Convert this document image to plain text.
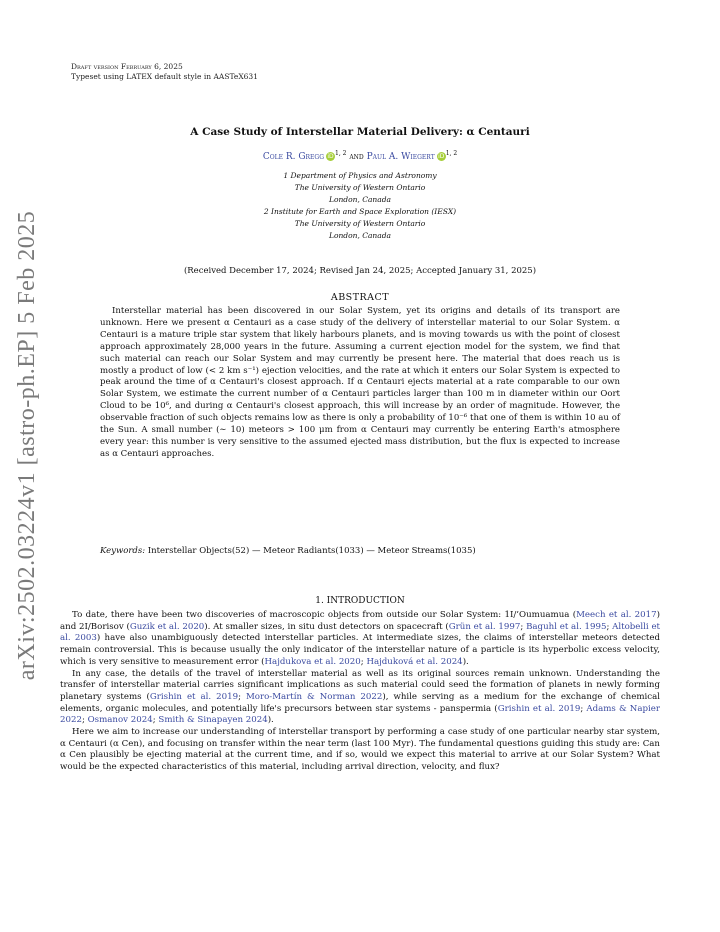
arXiv:2502.03224v1 [astro-ph.EP] 5 Feb 2025
Draft version February 6, 2025
Typeset using LATEX default style in AASTeX631
A Case Study of Interstellar Material Delivery: α Centauri
Cole R. Gregg iD$^{1, 2}$ and Paul A. Wiegert iD$^{1, 2}$
1 Department of Physics and Astronomy
The University of Western Ontario
London, Canada
2 Institute for Earth and Space Exploration (IESX)
The University of Western Ontario
London, Canada
(Received December 17, 2024; Revised Jan 24, 2025; Accepted January 31, 2025)
ABSTRACT
Interstellar material has been discovered in our Solar System, yet its origins and details of its transport are unknown. Here we present α Centauri as a case study of the delivery of interstellar material to our Solar System. α Centauri is a mature triple star system that likely harbours planets, and is moving towards us with the point of closest approach approximately 28,000 years in the future. Assuming a current ejection model for the system, we find that such material can reach our Solar System and may currently be present here. The material that does reach us is mostly a product of low (< 2 km s⁻¹) ejection velocities, and the rate at which it enters our Solar System is expected to peak around the time of α Centauri's closest approach. If α Centauri ejects material at a rate comparable to our own Solar System, we estimate the current number of α Centauri particles larger than 100 m in diameter within our Oort Cloud to be 10⁶, and during α Centauri's closest approach, this will increase by an order of magnitude. However, the observable fraction of such objects remains low as there is only a probability of 10⁻⁶ that one of them is within 10 au of the Sun. A small number (∼ 10) meteors > 100 μm from α Centauri may currently be entering Earth's atmosphere every year: this number is very sensitive to the assumed ejected mass distribution, but the flux is expected to increase as α Centauri approaches.
Keywords: Interstellar Objects(52) — Meteor Radiants(1033) — Meteor Streams(1035)
1. INTRODUCTION

To date, there have been two discoveries of macroscopic objects from outside our Solar System: 1I/’Oumuamua (Meech et al. 2017) and 2I/Borisov (Guzik et al. 2020). At smaller sizes, in situ dust detectors on spacecraft (Grün et al. 1997; Baguhl et al. 1995; Altobelli et al. 2003) have also unambiguously detected interstellar particles. At intermediate sizes, the claims of interstellar meteors detected remain controversial. This is because usually the only indicator of the interstellar nature of a particle is its hyperbolic excess velocity, which is very sensitive to measurement error (Hajdukova et al. 2020; Hajduková et al. 2024).

In any case, the details of the travel of interstellar material as well as its original sources remain unknown. Understanding the transfer of interstellar material carries significant implications as such material could seed the formation of planets in newly forming planetary systems (Grishin et al. 2019; Moro-Martín & Norman 2022), while serving as a medium for the exchange of chemical elements, organic molecules, and potentially life's precursors between star systems - panspermia (Grishin et al. 2019; Adams & Napier 2022; Osmanov 2024; Smith & Sinapayen 2024).

Here we aim to increase our understanding of interstellar transport by performing a case study of one particular nearby star system, α Centauri (α Cen), and focusing on transfer within the near term (last 100 Myr). The fundamental questions guiding this study are: Can α Cen plausibly be ejecting material at the current time, and if so, would we expect this material to arrive at our Solar System? What would be the expected characteristics of this material, including arrival direction, velocity, and flux?
